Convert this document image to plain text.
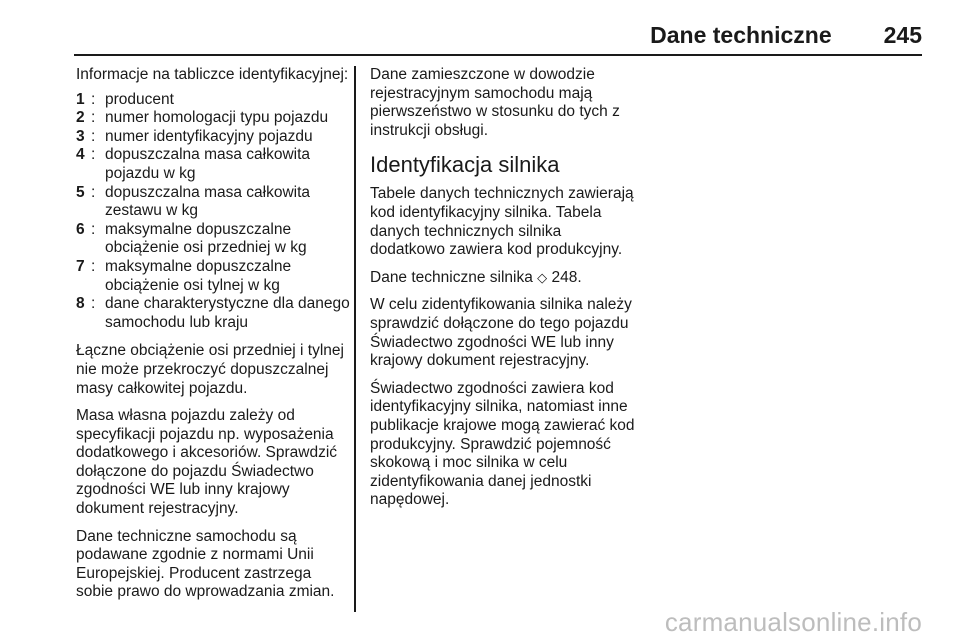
Dane techniczne 245

Informacje na tabliczce identyfikacyjnej:

1 : producent
2 : numer homologacji typu pojazdu
3 : numer identyfikacyjny pojazdu
4 : dopuszczalna masa całkowita pojazdu w kg
5 : dopuszczalna masa całkowita zestawu w kg
6 : maksymalne dopuszczalne obciążenie osi przedniej w kg
7 : maksymalne dopuszczalne obciążenie osi tylnej w kg
8 : dane charakterystyczne dla danego samochodu lub kraju

Łączne obciążenie osi przedniej i tylnej nie może przekroczyć dopuszczalnej masy całkowitej pojazdu.

Masa własna pojazdu zależy od specyfikacji pojazdu np. wyposażenia dodatkowego i akcesoriów. Sprawdzić dołączone do pojazdu Świadectwo zgodności WE lub inny krajowy dokument rejestracyjny.

Dane techniczne samochodu są podawane zgodnie z normami Unii Europejskiej. Producent zastrzega sobie prawo do wprowadzania zmian.

Dane zamieszczone w dowodzie rejestracyjnym samochodu mają pierwszeństwo w stosunku do tych z instrukcji obsługi.

Identyfikacja silnika

Tabele danych technicznych zawierają kod identyfikacyjny silnika. Tabela danych technicznych silnika dodatkowo zawiera kod produkcyjny.

Dane techniczne silnika ◇ 248.

W celu zidentyfikowania silnika należy sprawdzić dołączone do tego pojazdu Świadectwo zgodności WE lub inny krajowy dokument rejestracyjny.

Świadectwo zgodności zawiera kod identyfikacyjny silnika, natomiast inne publikacje krajowe mogą zawierać kod produkcyjny. Sprawdzić pojemność skokową i moc silnika w celu zidentyfikowania danej jednostki napędowej.

carmanualsonline.info
